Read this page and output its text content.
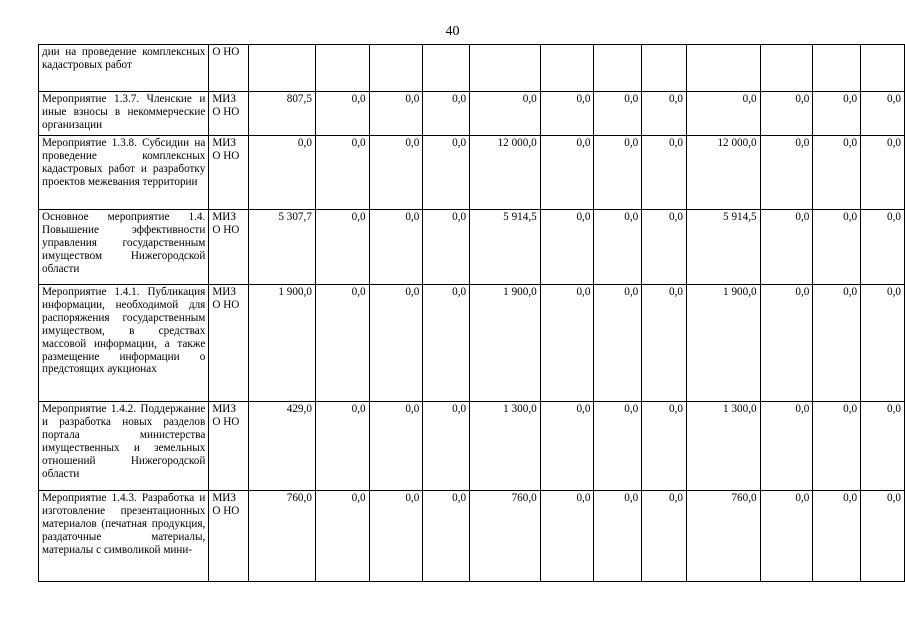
40
дии на проведение комплексных кадастровых работ	О НО												
Мероприятие 1.3.7. Членские и иные взносы в некоммерческие организации	МИЗ О НО	807,5	0,0	0,0	0,0	0,0	0,0	0,0	0,0	0,0	0,0	0,0	0,0
Мероприятие 1.3.8. Субсидии на проведение комплексных кадастровых работ и разработку проектов межевания территории	МИЗ О НО	0,0	0,0	0,0	0,0	12 000,0	0,0	0,0	0,0	12 000,0	0,0	0,0	0,0
Основное мероприятие 1.4. Повышение эффективности управления государственным имуществом Нижегородской области	МИЗ О НО	5 307,7	0,0	0,0	0,0	5 914,5	0,0	0,0	0,0	5 914,5	0,0	0,0	0,0
Мероприятие 1.4.1. Публикация информации, необходимой для распоряжения государственным имуществом, в средствах массовой информации, а также размещение информации о предстоящих аукционах	МИЗ О НО	1 900,0	0,0	0,0	0,0	1 900,0	0,0	0,0	0,0	1 900,0	0,0	0,0	0,0
Мероприятие 1.4.2. Поддержание и разработка новых разделов портала министерства имущественных и земельных отношений Нижегородской области	МИЗ О НО	429,0	0,0	0,0	0,0	1 300,0	0,0	0,0	0,0	1 300,0	0,0	0,0	0,0
Мероприятие 1.4.3. Разработка и изготовление презентационных материалов (печатная продукция, раздаточные материалы, материалы с символикой мини-	МИЗ О НО	760,0	0,0	0,0	0,0	760,0	0,0	0,0	0,0	760,0	0,0	0,0	0,0
